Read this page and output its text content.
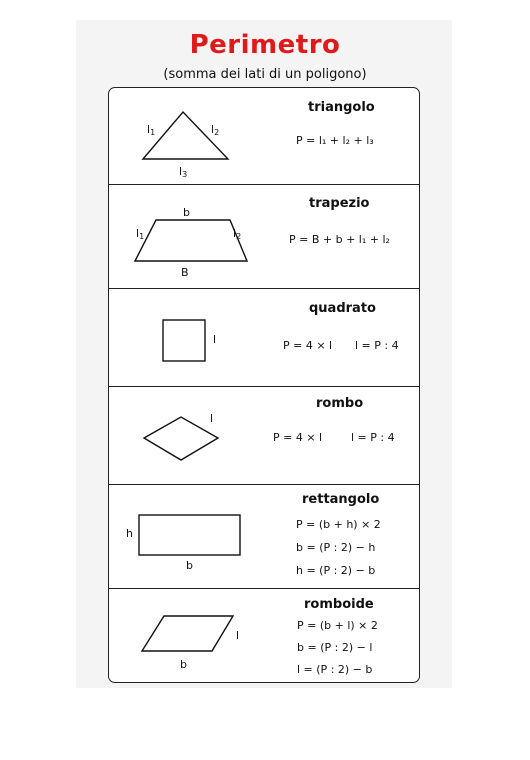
Perimetro
(somma dei lati di un poligono)
$l_1$	$l_2$
$l_3$
triangolo
P = l₁ + l₂ + l₃
b
$l_1$	$l_2$
B
trapezio
P = B + b + l₁ + l₂
l
quadrato
P = 4 × l l = P : 4
l
rombo
P = 4 × l	l = P : 4
h
b
rettangolo
P = (b + h) × 2
b = (P : 2) − h
h = (P : 2) − b
l
b
romboide
P = (b + l) × 2
b = (P : 2) − l
l = (P : 2) − b
